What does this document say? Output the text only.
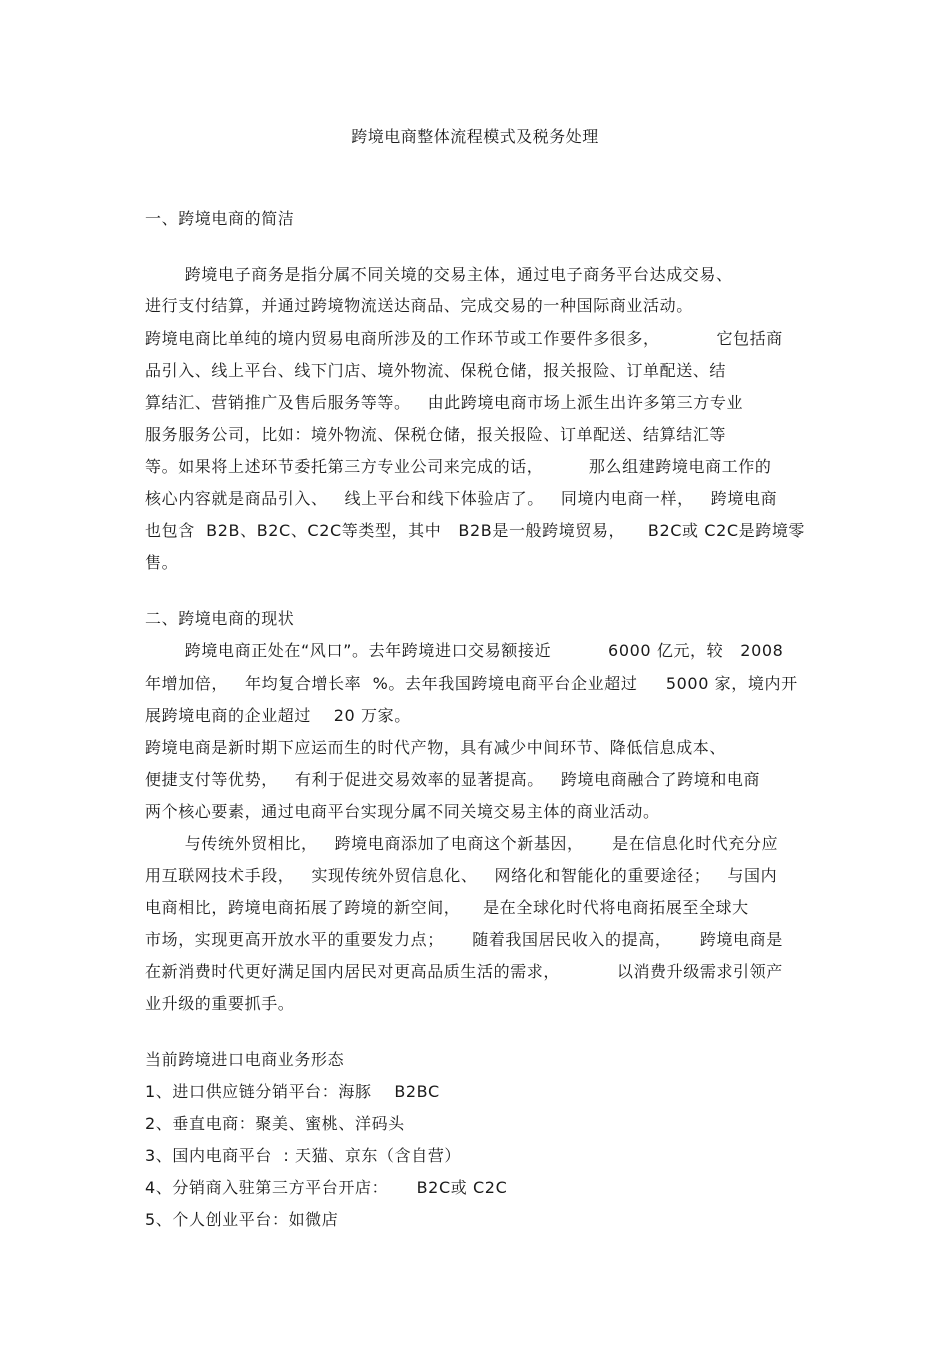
跨境电商整体流程模式及税务处理
一、跨境电商的简洁
跨境电子商务是指分属不同关境的交易主体，通过电子商务平台达成交易、
进行支付结算，并通过跨境物流送达商品、完成交易的一种国际商业活动。
跨境电商比单纯的境内贸易电商所涉及的工作环节或工作要件多很多，          它包括商
品引入、线上平台、线下门店、境外物流、保税仓储，报关报险、订单配送、结
算结汇、营销推广及售后服务等等。   由此跨境电商市场上派生出许多第三方专业
服务服务公司，比如：境外物流、保税仓储，报关报险、订单配送、结算结汇等
等。如果将上述环节委托第三方专业公司来完成的话，        那么组建跨境电商工作的
核心内容就是商品引入、   线上平台和线下体验店了。   同境内电商一样，   跨境电商
也包含  B2B、B2C、C2C等类型，其中   B2B是一般跨境贸易，    B2C或 C2C是跨境零
售。
二、跨境电商的现状
跨境电商正处在“风口”。去年跨境进口交易额接近          6000 亿元，较   2008
年增加倍，   年均复合增长率  %。去年我国跨境电商平台企业超过     5000 家，境内开
展跨境电商的企业超过    20 万家。
跨境电商是新时期下应运而生的时代产物，具有减少中间环节、降低信息成本、
便捷支付等优势，   有利于促进交易效率的显著提高。   跨境电商融合了跨境和电商
两个核心要素，通过电商平台实现分属不同关境交易主体的商业活动。
与传统外贸相比，   跨境电商添加了电商这个新基因，     是在信息化时代充分应
用互联网技术手段，   实现传统外贸信息化、   网络化和智能化的重要途径；   与国内
电商相比，跨境电商拓展了跨境的新空间，    是在全球化时代将电商拓展至全球大
市场，实现更高开放水平的重要发力点；     随着我国居民收入的提高，     跨境电商是
在新消费时代更好满足国内居民对更高品质生活的需求，          以消费升级需求引领产
业升级的重要抓手。
当前跨境进口电商业务形态
1、进口供应链分销平台：海豚    B2BC
2、垂直电商：聚美、蜜桃、洋码头
3、国内电商平台  : 天猫、京东（含自营）
4、分销商入驻第三方平台开店：     B2C或 C2C
5、个人创业平台：如微店
